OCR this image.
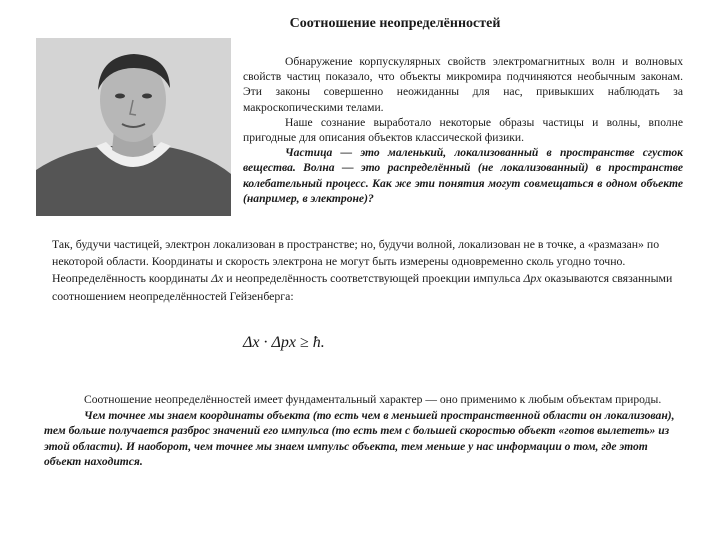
Соотношение неопределённостей

Обнаружение корпускулярных свойств электромагнитных волн и волновых свойств частиц показало, что объекты микромира подчиняются необычным законам. Эти законы совершенно неожиданны для нас, привыкших наблюдать за макроскопическими телами.

Наше сознание выработало некоторые образы частицы и волны, вполне пригодные для описания объектов классической физики.

Частица — это маленький, локализованный в пространстве сгусток вещества. Волна — это распределённый (не локализованный) в пространстве колебательный процесс. Как же эти понятия могут совмещаться в одном объекте (например, в электроне)?

Так, будучи частицей, электрон локализован в пространстве; но, будучи волной, локализован не в точке, а «размазан» по некоторой области. Координаты и скорость электрона не могут быть измерены одновременно сколь угодно точно. Неопределённость координаты Δx и неопределённость соответствующей проекции импульса Δpx оказываются связанными соотношением неопределённостей Гейзенберга:

Δx · Δpx ≥ ħ.

Соотношение неопределённостей имеет фундаментальный характер — оно применимо к любым объектам природы.

Чем точнее мы знаем координаты объекта (то есть чем в меньшей пространственной области он локализован), тем больше получается разброс значений его импульса (то есть тем с большей скоростью объект «готов вылететь» из этой области). И наоборот, чем точнее мы знаем импульс объекта, тем меньше у нас информации о том, где этот объект находится.
